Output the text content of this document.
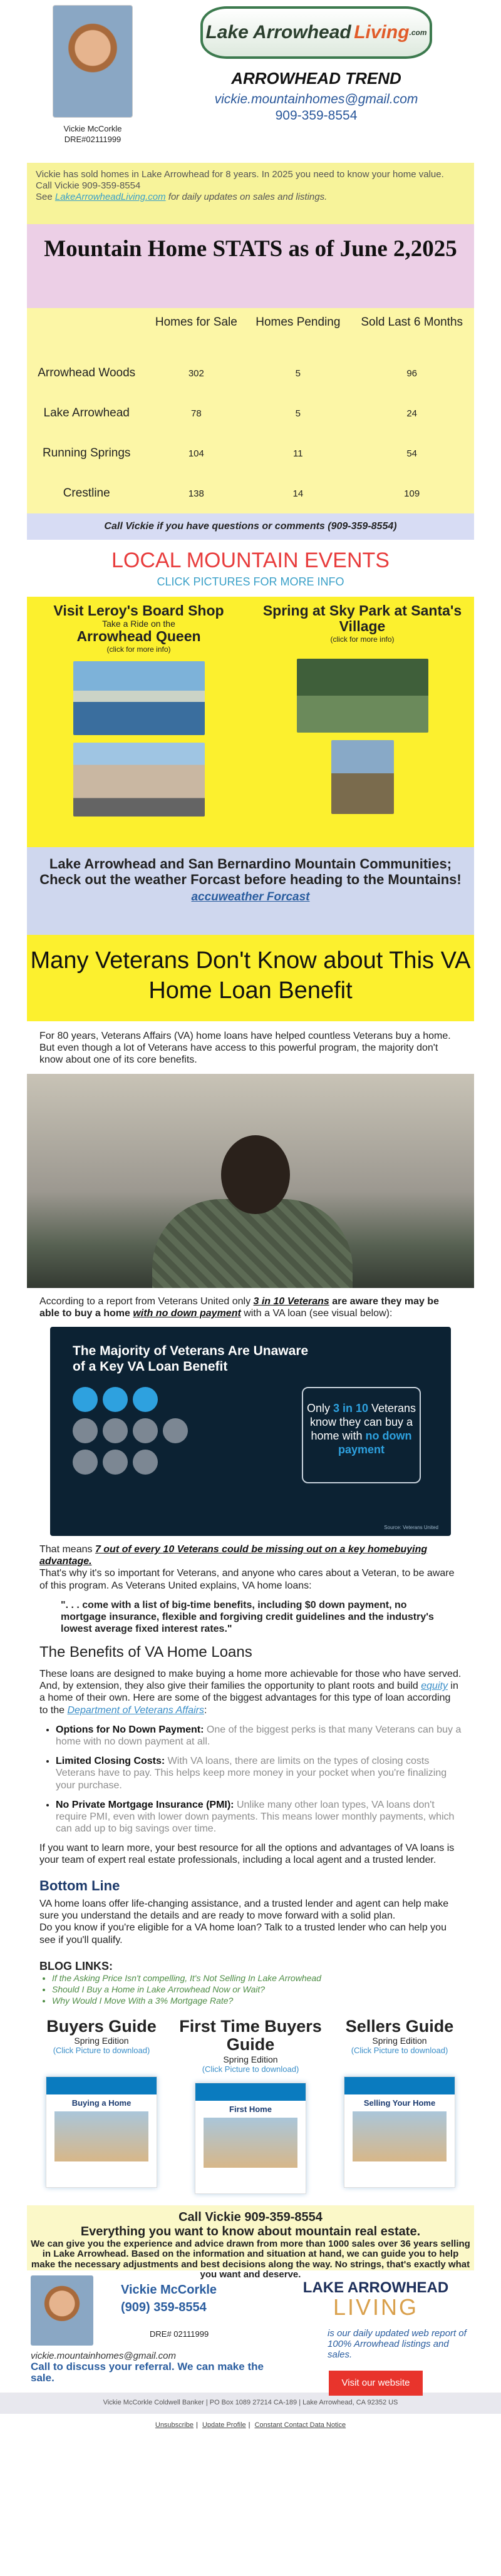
Vickie McCorkle
DRE#02111999
Lake Arrowhead
Living .com
ARROWHEAD TREND
vickie.mountainhomes@gmail.com
909-359-8554
Vickie has sold homes in Lake Arrowhead for 8 years. In 2025 you need to know your home value.
Call Vickie 909-359-8554
See LakeArrowheadLiving.com for daily updates on sales and listings.
Mountain Home STATS as of June 2,2025
	Homes for Sale	Homes Pending	Sold Last 6 Months
Arrowhead Woods	302	5	96
Lake Arrowhead	78	5	24
Running Springs	104	11	54
Crestline	138	14	109
Call Vickie if you have questions or comments (909-359-8554)
LOCAL MOUNTAIN EVENTS
CLICK PICTURES FOR MORE INFO
Visit Leroy's Board Shop
Take a Ride on the
Arrowhead Queen
(click for more info)
Spring at Sky Park at Santa's Village
(click for more info)
Lake Arrowhead and San Bernardino Mountain Communities; Check out the weather Forcast before heading to the Mountains!
accuweather Forcast
Many Veterans Don't Know about This VA Home Loan Benefit

For 80 years, Veterans Affairs (VA) home loans have helped countless Veterans buy a home. But even though a lot of Veterans have access to this powerful program, the majority don't know about one of its core benefits.

According to a report from Veterans United only 3 in 10 Veterans are aware they may be able to buy a home with no down payment with a VA loan (see visual below):

The Majority of Veterans Are Unaware of a Key VA Loan Benefit
Only 3 in 10 Veterans know they can buy a home with no down payment
Source: Veterans United

That means 7 out of every 10 Veterans could be missing out on a key homebuying advantage.
That's why it's so important for Veterans, and anyone who cares about a Veteran, to be aware of this program. As Veterans United explains, VA home loans:

". . . come with a list of big-time benefits, including $0 down payment, no mortgage insurance, flexible and forgiving credit guidelines and the industry's lowest average fixed interest rates."
The Benefits of VA Home Loans

These loans are designed to make buying a home more achievable for those who have served. And, by extension, they also give their families the opportunity to plant roots and build equity in a home of their own. Here are some of the biggest advantages for this type of loan according to the Department of Veterans Affairs:

• Options for No Down Payment: One of the biggest perks is that many Veterans can buy a home with no down payment at all.
• Limited Closing Costs: With VA loans, there are limits on the types of closing costs Veterans have to pay. This helps keep more money in your pocket when you're finalizing your purchase.
• No Private Mortgage Insurance (PMI): Unlike many other loan types, VA loans don't require PMI, even with lower down payments. This means lower monthly payments, which can add up to big savings over time.

If you want to learn more, your best resource for all the options and advantages of VA loans is your team of expert real estate professionals, including a local agent and a trusted lender.

Bottom Line

VA home loans offer life-changing assistance, and a trusted lender and agent can help make sure you understand the details and are ready to move forward with a solid plan.

Do you know if you're eligible for a VA home loan? Talk to a trusted lender who can help you see if you'll qualify.

BLOG LINKS:
• If the Asking Price Isn't compelling, It's Not Selling In Lake Arrowhead
• Should I Buy a Home in Lake Arrowhead Now or Wait?
• Why Would I Move With a 3% Mortgage Rate?
Buyers Guide
Spring Edition
(Click Picture to download)
Buying a Home
First Time Buyers Guide
Spring Edition
(Click Picture to download)
First Home
Sellers Guide
Spring Edition
(Click Picture to download)
Selling Your Home
Call Vickie 909-359-8554
Everything you want to know about mountain real estate.
We can give you the experience and advice drawn from more than 1000 sales over 36 years selling in Lake Arrowhead. Based on the information and situation at hand, we can guide you to help make the necessary adjustments and best decisions along the way. No strings, that's exactly what you want and deserve.
Vickie McCorkle
(909) 359-8554
DRE# 02111999
vickie.mountainhomes@gmail.com
Call to discuss your referral. We can make the sale.
LAKE ARROWHEAD
LIVING
is our daily updated web report of 100% Arrowhead listings and sales.
Visit our website
Vickie McCorkle Coldwell Banker | PO Box 1089 27214 CA-189 | Lake Arrowhead, CA 92352 US
Unsubscribe | Update Profile | Constant Contact Data Notice
